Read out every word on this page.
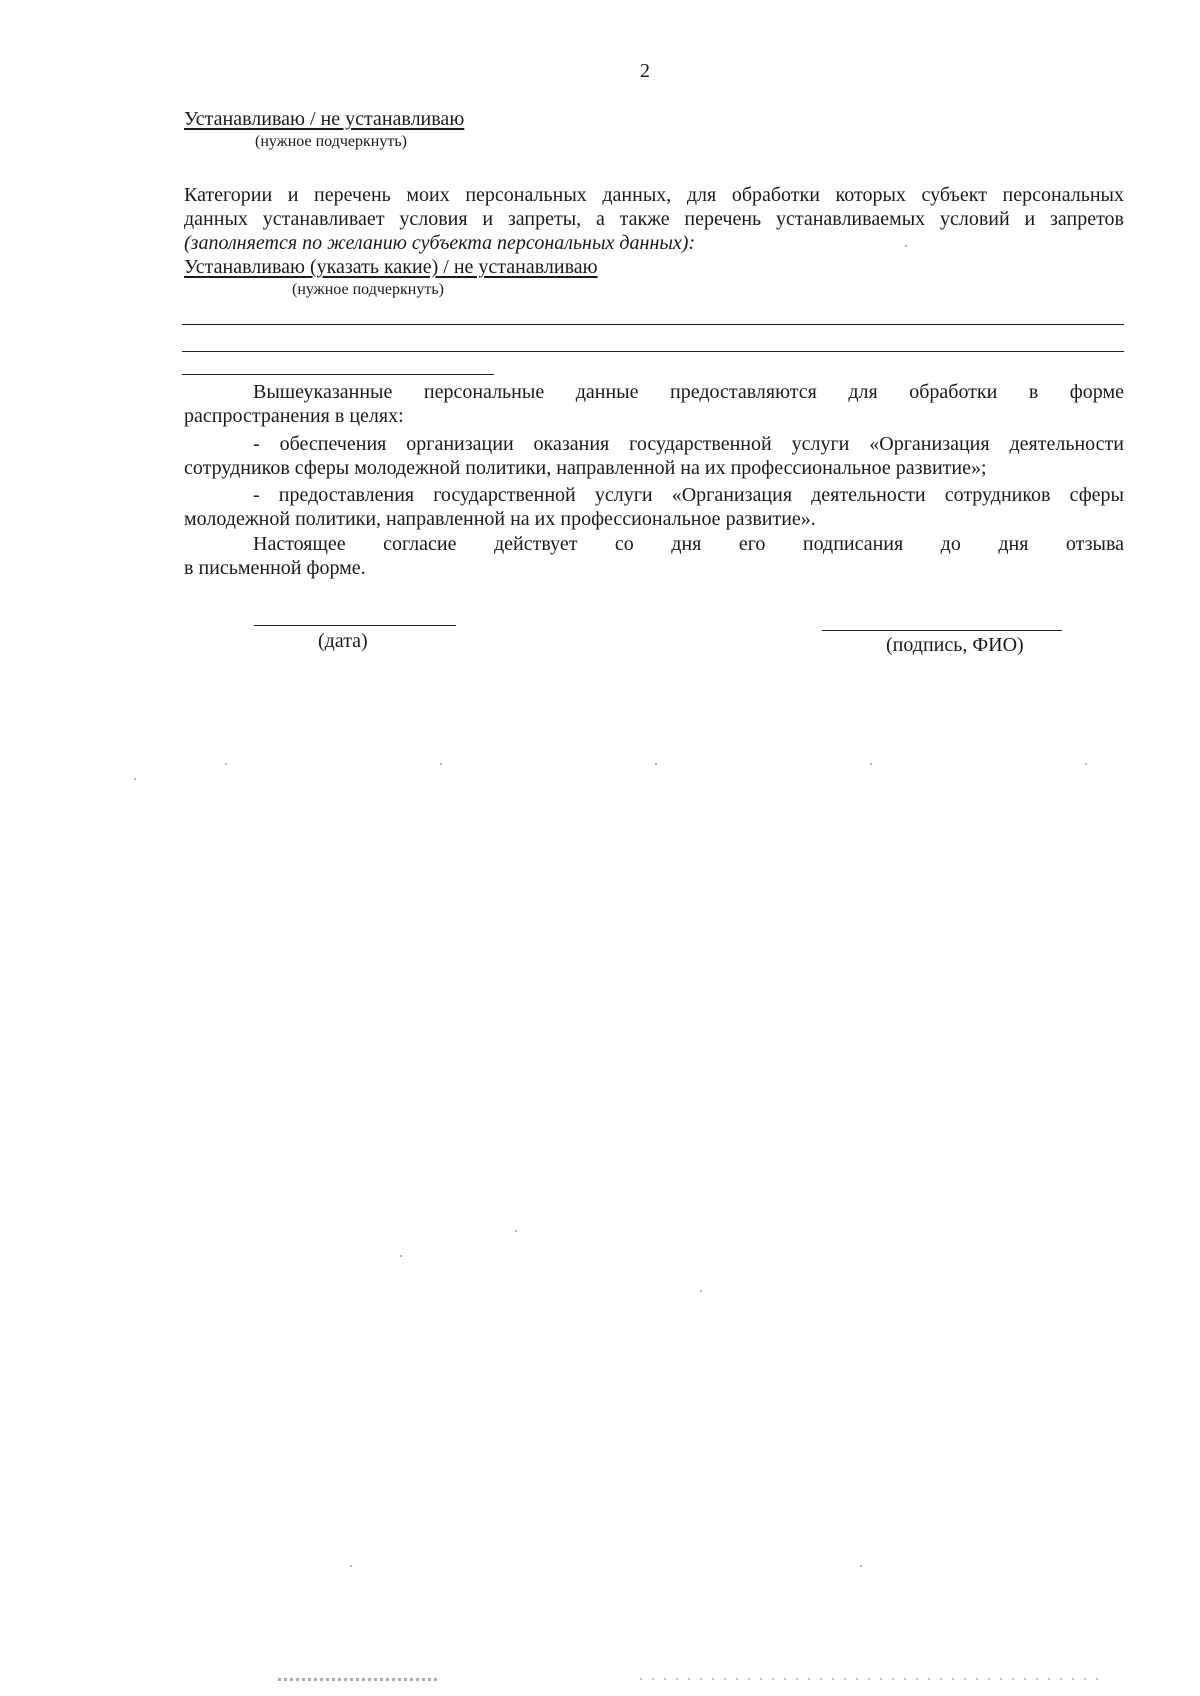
2
Устанавливаю / не устанавливаю
(нужное подчеркнуть)
Категории и перечень моих персональных данных, для обработки которых субъект персональных
данных устанавливает условия и запреты, а также перечень устанавливаемых условий и запретов
(заполняется по желанию субъекта персональных данных):
Устанавливаю (указать какие) / не устанавливаю
(нужное подчеркнуть)
Вышеуказанные персональные данные предоставляются для обработки в форме
распространения в целях:
- обеспечения организации оказания государственной услуги «Организация деятельности
сотрудников сферы молодежной политики, направленной на их профессиональное развитие»;
- предоставления государственной услуги «Организация деятельности сотрудников сферы
молодежной политики, направленной на их профессиональное развитие».
Настоящее согласие действует со дня его подписания до дня отзыва
в письменной форме.
(дата)	(подпись, ФИО)
